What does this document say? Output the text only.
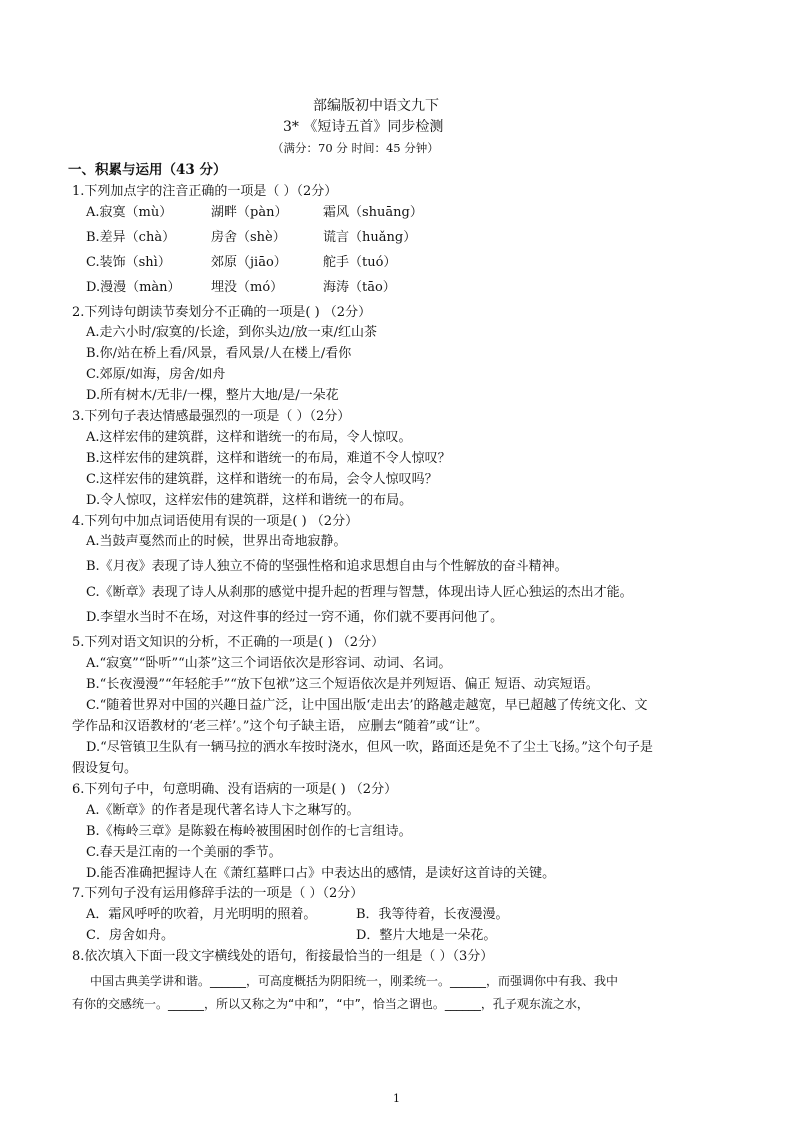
部编版初中语文九下
3* 《短诗五首》同步检测
（满分：70 分 时间：45 分钟）
一、积累与运用（43 分）
1.下列加点字的注音正确的一项是（ ）（2分）
A.寂寞（mù）	湖畔（pàn）	霜风（shuāng）
B.差异（chà）	房舍（shè）	谎言（huǎng）
C.装饰（shì）	郊原（jiāo）	舵手（tuó）
D.漫漫（màn） 埋没（mó）	海涛（tāo）
2.下列诗句朗读节奏划分不正确的一项是( ) （2分）
A.走六小时/寂寞的/长途，到你头边/放一束/红山茶
B.你/站在桥上看/风景，看风景/人在楼上/看你
C.郊原/如海，房舍/如舟
D.所有树木/无非/一棵，整片大地/是/一朵花
3.下列句子表达情感最强烈的一项是（ ）（2分）
A.这样宏伟的建筑群，这样和谐统一的布局，令人惊叹。
B.这样宏伟的建筑群，这样和谐统一的布局，难道不令人惊叹？
C.这样宏伟的建筑群，这样和谐统一的布局，会令人惊叹吗？
D.令人惊叹，这样宏伟的建筑群，这样和谐统一的布局。
4.下列句中加点词语使用有误的一项是( ) （2分）
A.当鼓声戛然而止的时候，世界出奇地寂静。
B.《月夜》表现了诗人独立不倚的坚强性格和追求思想自由与个性解放的奋斗精神。
C.《断章》表现了诗人从刹那的感觉中提升起的哲理与智慧，体现出诗人匠心独运的杰出才能。
D.李望水当时不在场，对这件事的经过一窍不通，你们就不要再问他了。
5.下列对语文知识的分析，不正确的一项是( ) （2分）
A.“寂寞”“卧听”“山茶”这三个词语依次是形容词、动词、名词。
B.“长夜漫漫”“年轻舵手”“放下包袱”这三个短语依次是并列短语、偏正 短语、动宾短语。
C.“随着世界对中国的兴趣日益广泛，让中国出版‘走出去’的路越走越宽，早已超越了传统文化、文
学作品和汉语教材的‘老三样’。”这个句子缺主语， 应删去“随着”或“让”。
D.“尽管镇卫生队有一辆马拉的洒水车按时浇水，但风一吹，路面还是免不了尘土飞扬。”这个句子是
假设复句。
6.下列句子中，句意明确、没有语病的一项是( ) （2分）
A.《断章》的作者是现代著名诗人卞之琳写的。
B.《梅岭三章》是陈毅在梅岭被围困时创作的七言组诗。
C.春天是江南的一个美丽的季节。
D.能否准确把握诗人在《萧红墓畔口占》中表达出的感情，是读好这首诗的关键。
7.下列句子没有运用修辞手法的一项是（ ）（2分）
A．霜风呼呼的吹着，月光明明的照着。	B．我等待着，长夜漫漫。
C．房舍如舟。	D．整片大地是一朵花。
8.依次填入下面一段文字横线处的语句，衔接最恰当的一组是（ ）（3分）
中国古典美学讲和谐。______，可高度概括为阴阳统一，刚柔统一。______，而强调你中有我、我中
有你的交感统一。______，所以又称之为“中和”，“中”，恰当之谓也。______，孔子观东流之水，
1
